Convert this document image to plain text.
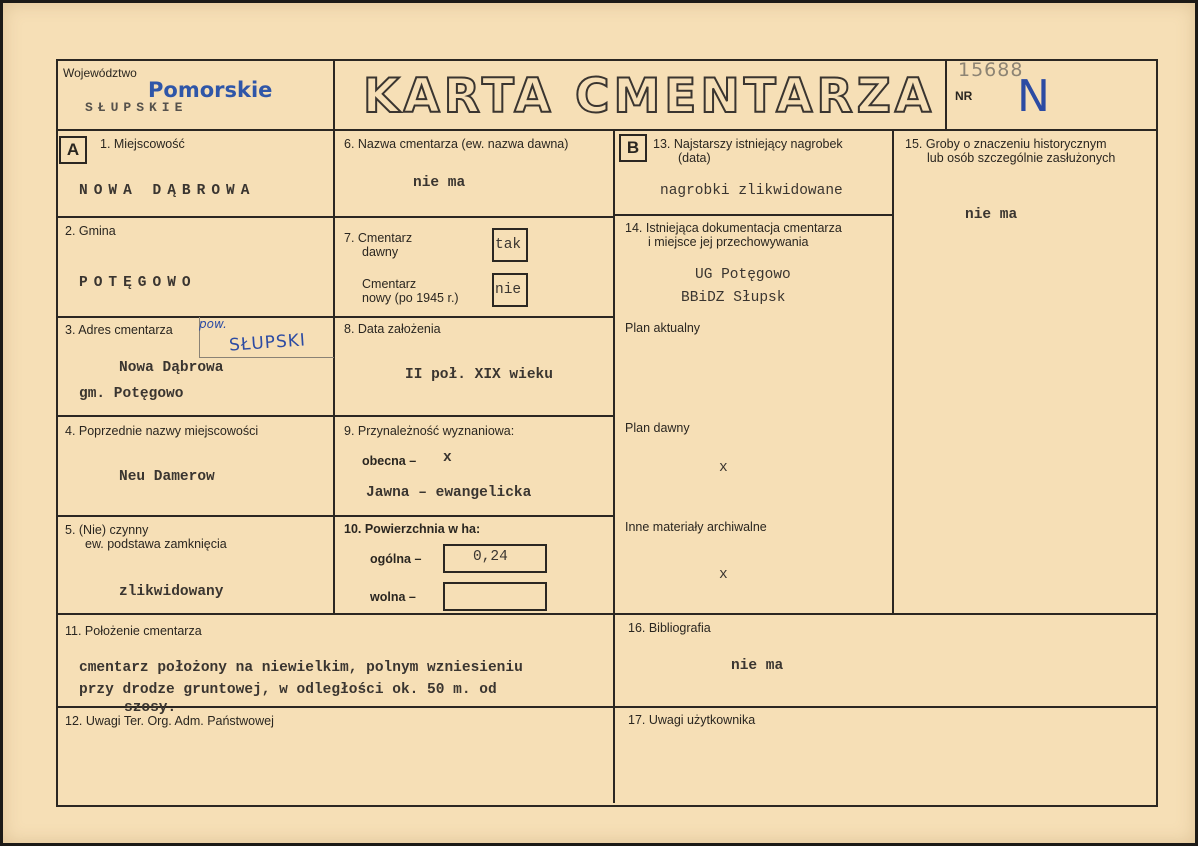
Województwo
Pomorskie
SŁUPSKIE	KARTA CMENTARZA NR
15688
N
A	B
1. Miejscowość
NOWA DĄBROWA
2. Gmina
POTĘGOWO
3. Adres cmentarza pow.
SŁUPSKI
Nowa Dąbrowa
gm. Potęgowo
4. Poprzednie nazwy miejscowości
Neu Damerow
5. (Nie) czynny
ew. podstawa zamknięcia
zlikwidowany
6. Nazwa cmentarza (ew. nazwa dawna)
nie ma
7. Cmentarz
dawny	tak
Cmentarz
nowy (po 1945 r.)	nie
8. Data założenia
II poł. XIX wieku
9. Przynależność wyznaniowa:
obecna – x
Jawna – ewangelicka
10. Powierzchnia w ha:
ogólna –	0,24
wolna –
13. Najstarszy istniejący nagrobek
(data)
nagrobki zlikwidowane
14. Istniejąca dokumentacja cmentarza
i miejsce jej przechowywania
UG Potęgowo
BBiDZ Słupsk
Plan aktualny
Plan dawny
x
Inne materiały archiwalne
x
15. Groby o znaczeniu historycznym
lub osób szczególnie zasłużonych
nie ma
11. Położenie cmentarza
cmentarz położony na niewielkim, polnym wzniesieniu
przy drodze gruntowej, w odległości ok. 50 m. od
szosy.
16. Bibliografia
nie ma
12. Uwagi Ter. Org. Adm. Państwowej	17. Uwagi użytkownika
